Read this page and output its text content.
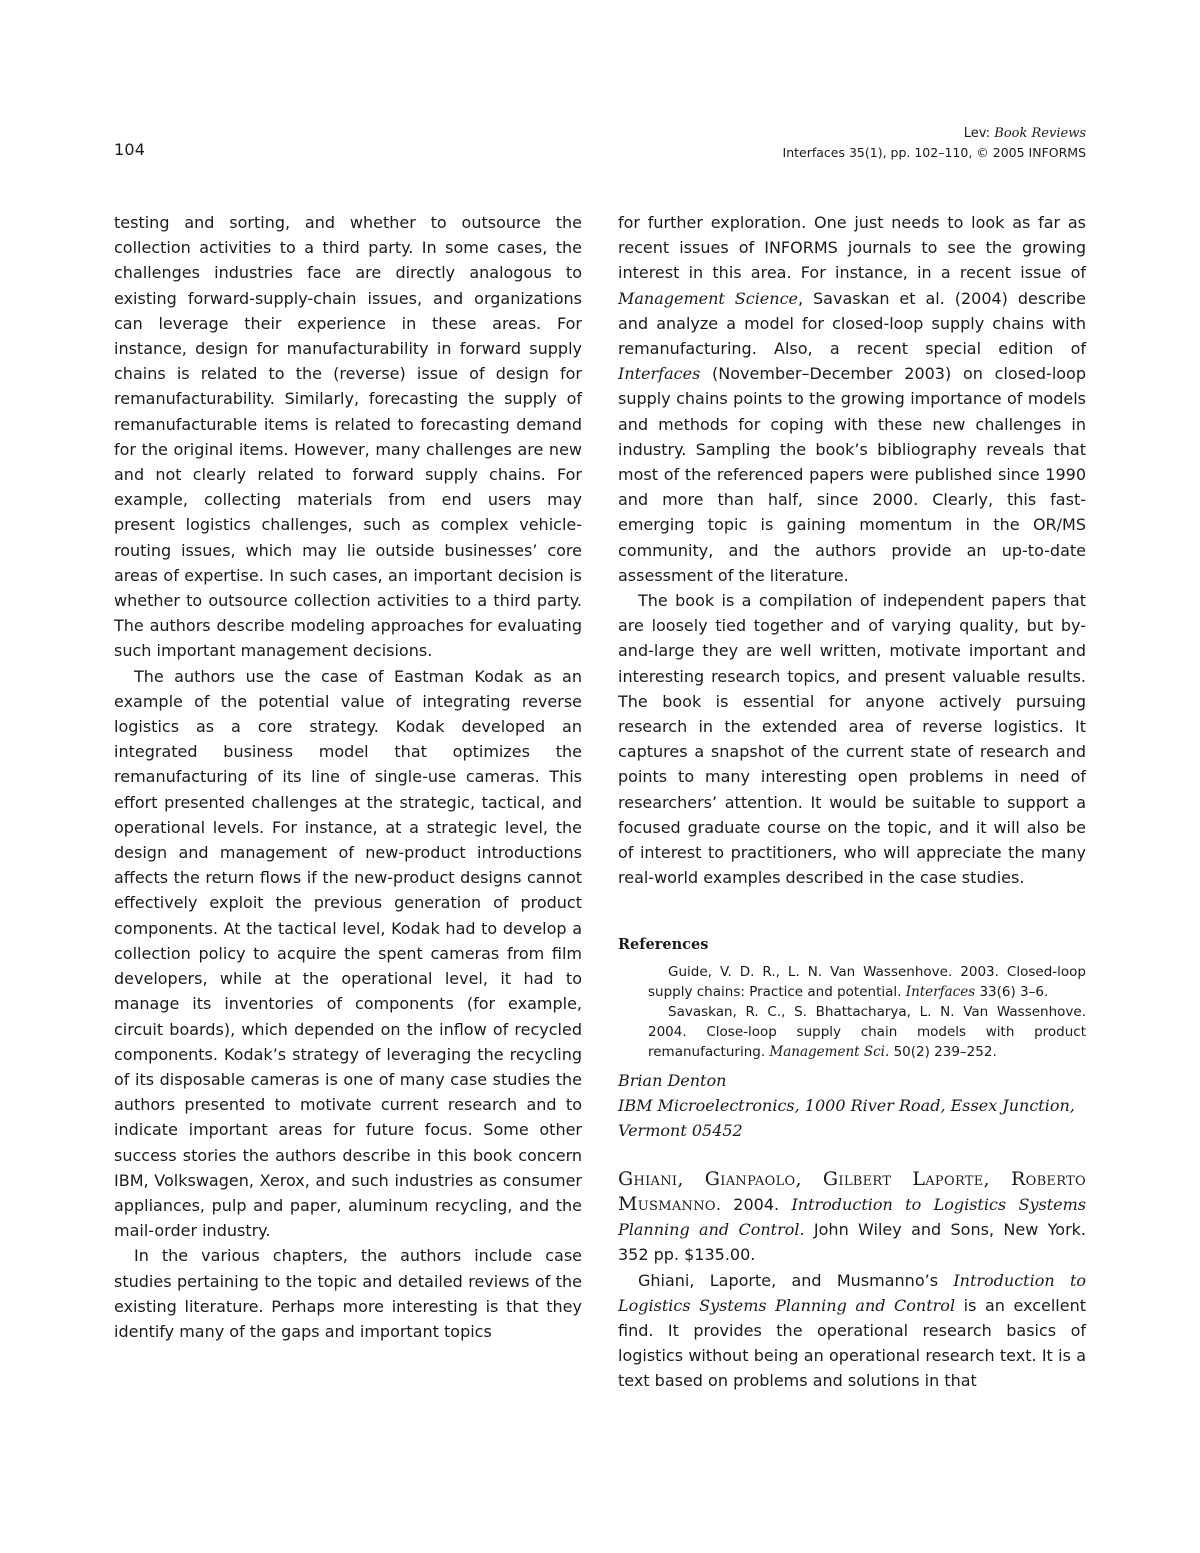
104
Lev: Book Reviews
Interfaces 35(1), pp. 102–110, © 2005 INFORMS

testing and sorting, and whether to outsource the collection activities to a third party. In some cases, the challenges industries face are directly analogous to existing forward-supply-chain issues, and organizations can leverage their experience in these areas. For instance, design for manufacturability in forward supply chains is related to the (reverse) issue of design for remanufacturability. Similarly, forecasting the supply of remanufacturable items is related to forecasting demand for the original items. However, many challenges are new and not clearly related to forward supply chains. For example, collecting materials from end users may present logistics challenges, such as complex vehicle-routing issues, which may lie outside businesses’ core areas of expertise. In such cases, an important decision is whether to outsource collection activities to a third party. The authors describe modeling approaches for evaluating such important management decisions.

The authors use the case of Eastman Kodak as an example of the potential value of integrating reverse logistics as a core strategy. Kodak developed an integrated business model that optimizes the remanufacturing of its line of single-use cameras. This effort presented challenges at the strategic, tactical, and operational levels. For instance, at a strategic level, the design and management of new-product introductions affects the return flows if the new-product designs cannot effectively exploit the previous generation of product components. At the tactical level, Kodak had to develop a collection policy to acquire the spent cameras from film developers, while at the operational level, it had to manage its inventories of components (for example, circuit boards), which depended on the inflow of recycled components. Kodak’s strategy of leveraging the recycling of its disposable cameras is one of many case studies the authors presented to motivate current research and to indicate important areas for future focus. Some other success stories the authors describe in this book concern IBM, Volkswagen, Xerox, and such industries as consumer appliances, pulp and paper, aluminum recycling, and the mail-order industry.

In the various chapters, the authors include case studies pertaining to the topic and detailed reviews of the existing literature. Perhaps more interesting is that they identify many of the gaps and important topics

for further exploration. One just needs to look as far as recent issues of INFORMS journals to see the growing interest in this area. For instance, in a recent issue of Management Science, Savaskan et al. (2004) describe and analyze a model for closed-loop supply chains with remanufacturing. Also, a recent special edition of Interfaces (November–December 2003) on closed-loop supply chains points to the growing importance of models and methods for coping with these new challenges in industry. Sampling the book’s bibliography reveals that most of the referenced papers were published since 1990 and more than half, since 2000. Clearly, this fast-emerging topic is gaining momentum in the OR/MS community, and the authors provide an up-to-date assessment of the literature.

The book is a compilation of independent papers that are loosely tied together and of varying quality, but by-and-large they are well written, motivate important and interesting research topics, and present valuable results. The book is essential for anyone actively pursuing research in the extended area of reverse logistics. It captures a snapshot of the current state of research and points to many interesting open problems in need of researchers’ attention. It would be suitable to support a focused graduate course on the topic, and it will also be of interest to practitioners, who will appreciate the many real-world examples described in the case studies.

References

Guide, V. D. R., L. N. Van Wassenhove. 2003. Closed-loop supply chains: Practice and potential. Interfaces 33(6) 3–6.

Savaskan, R. C., S. Bhattacharya, L. N. Van Wassenhove. 2004. Close-loop supply chain models with product remanufacturing. Management Sci. 50(2) 239–252.

Brian Denton
IBM Microelectronics, 1000 River Road, Essex Junction, Vermont 05452
Ghiani, Gianpaolo, Gilbert Laporte, Roberto Musmanno. 2004. Introduction to Logistics Systems Planning and Control. John Wiley and Sons, New York. 352 pp. $135.00.

Ghiani, Laporte, and Musmanno’s Introduction to Logistics Systems Planning and Control is an excellent find. It provides the operational research basics of logistics without being an operational research text. It is a text based on problems and solutions in that
